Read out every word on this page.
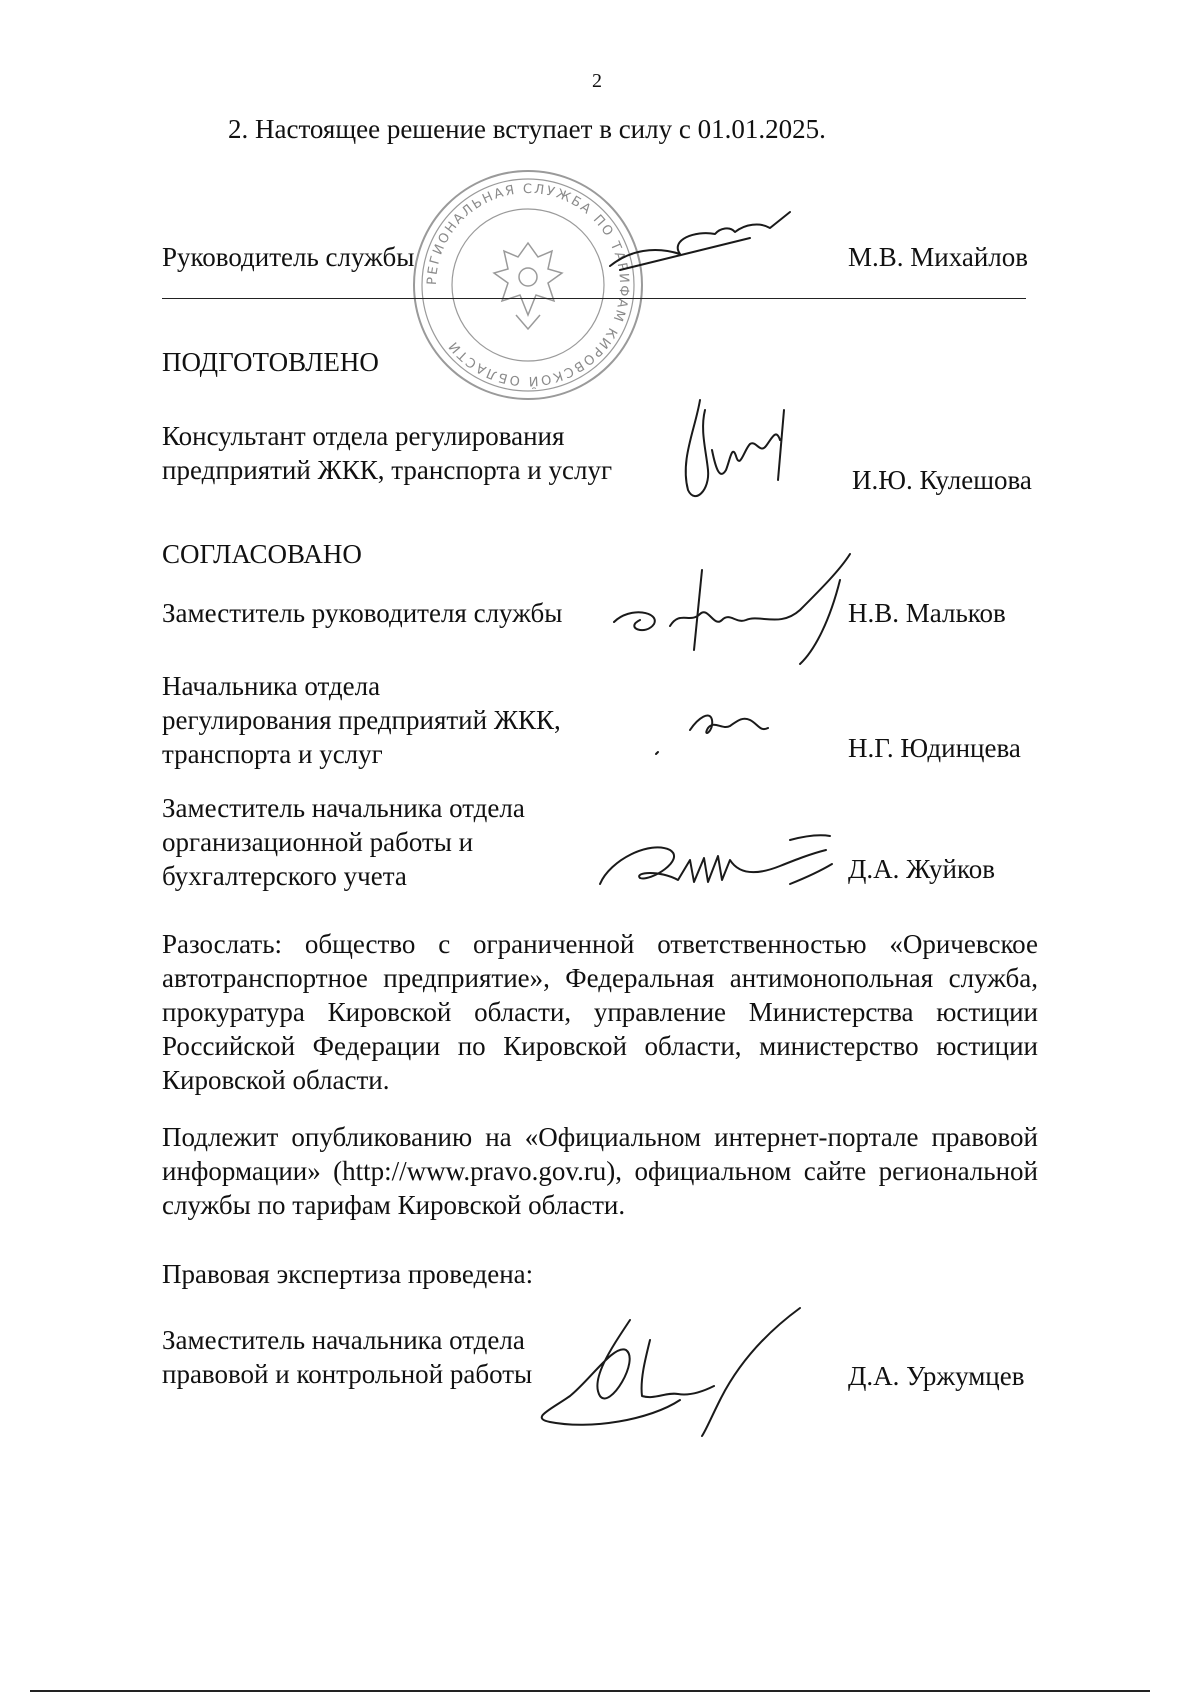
2
2. Настоящее решение вступает в силу с 01.01.2025.
РЕГИОНАЛЬНАЯ СЛУЖБА ПО ТАРИФАМ КИРОВСКОЙ ОБЛАСТИ
Руководитель службы	М.В. Михайлов
ПОДГОТОВЛЕНО
Консультант отдела регулирования
предприятий ЖКК, транспорта и услуг	И.Ю. Кулешова
СОГЛАСОВАНО
Заместитель руководителя службы	Н.В. Мальков
Начальника отдела
регулирования предприятий ЖКК,
транспорта и услуг	Н.Г. Юдинцева
Заместитель начальника отдела
организационной работы и
бухгалтерского учета	Д.А. Жуйков
Разослать: общество с ограниченной ответственностью «Оричевское автотранспортное предприятие», Федеральная антимонопольная служба, прокуратура Кировской области, управление Министерства юстиции Российской Федерации по Кировской области, министерство юстиции Кировской области.
Подлежит опубликованию на «Официальном интернет-портале правовой информации» (http://www.pravo.gov.ru), официальном сайте региональной службы по тарифам Кировской области.
Правовая экспертиза проведена:
Заместитель начальника отдела
правовой и контрольной работы	Д.А. Уржумцев
